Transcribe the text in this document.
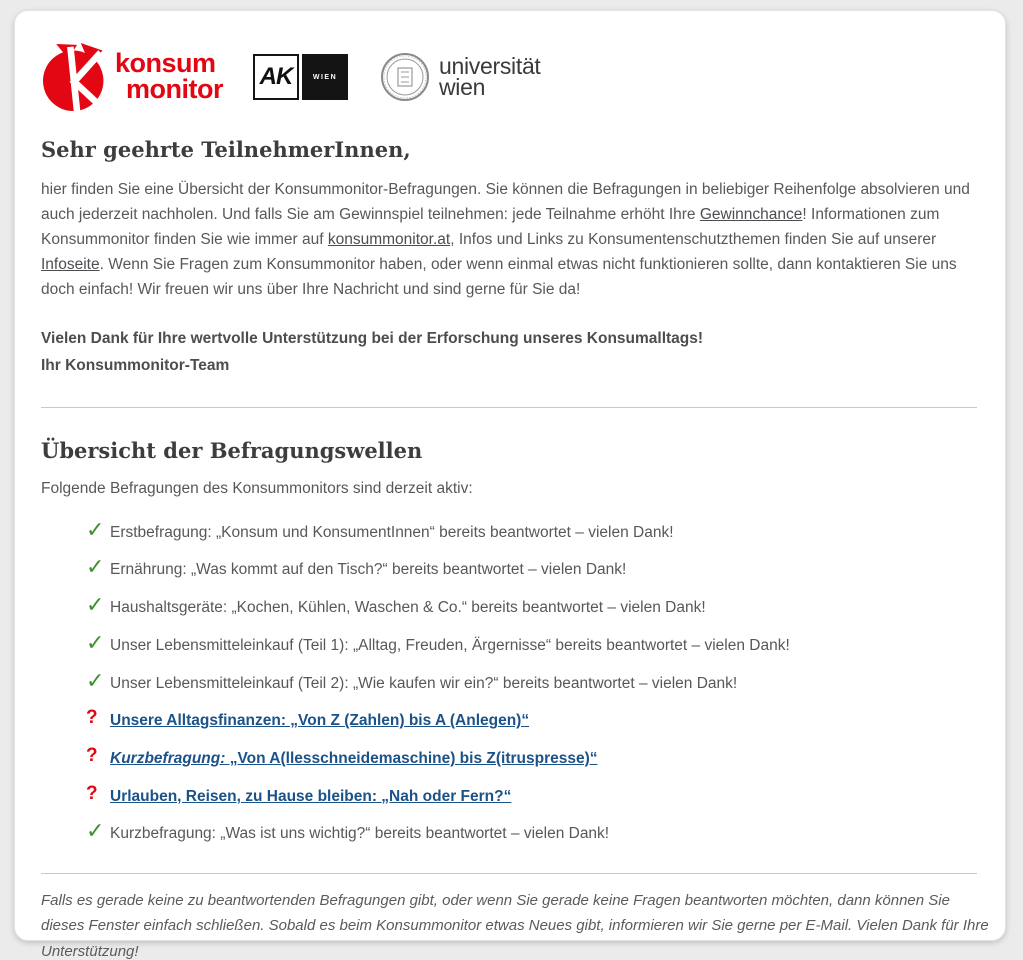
konsum
monitor AK	WIEN	universität
wien
Sehr geehrte TeilnehmerInnen,

hier finden Sie eine Übersicht der Konsummonitor-Befragungen. Sie können die Befragungen in beliebiger Reihenfolge absolvieren und auch jederzeit nachholen. Und falls Sie am Gewinnspiel teilnehmen: jede Teilnahme erhöht Ihre Gewinnchance! Informationen zum Konsummonitor finden Sie wie immer auf konsummonitor.at, Infos und Links zu Konsumentenschutzthemen finden Sie auf unserer Infoseite. Wenn Sie Fragen zum Konsummonitor haben, oder wenn einmal etwas nicht funktionieren sollte, dann kontaktieren Sie uns doch einfach! Wir freuen wir uns über Ihre Nachricht und sind gerne für Sie da!

Vielen Dank für Ihre wertvolle Unterstützung bei der Erforschung unseres Konsumalltags!
Ihr Konsummonitor-Team
Übersicht der Befragungswellen

Folgende Befragungen des Konsummonitors sind derzeit aktiv:

✓ Erstbefragung: „Konsum und KonsumentInnen“ bereits beantwortet – vielen Dank!
✓ Ernährung: „Was kommt auf den Tisch?“ bereits beantwortet – vielen Dank!
✓ Haushaltsgeräte: „Kochen, Kühlen, Waschen & Co.“ bereits beantwortet – vielen Dank!
✓ Unser Lebensmitteleinkauf (Teil 1): „Alltag, Freuden, Ärgernisse“ bereits beantwortet – vielen Dank!
✓ Unser Lebensmitteleinkauf (Teil 2): „Wie kaufen wir ein?“ bereits beantwortet – vielen Dank!
? Unsere Alltagsfinanzen: „Von Z (Zahlen) bis A (Anlegen)“
? Kurzbefragung: „Von A(llesschneidemaschine) bis Z(itruspresse)“
? Urlauben, Reisen, zu Hause bleiben: „Nah oder Fern?“
✓ Kurzbefragung: „Was ist uns wichtig?“ bereits beantwortet – vielen Dank!

Falls es gerade keine zu beantwortenden Befragungen gibt, oder wenn Sie gerade keine Fragen beantworten möchten, dann können Sie dieses Fenster einfach schließen. Sobald es beim Konsummonitor etwas Neues gibt, informieren wir Sie gerne per E-Mail. Vielen Dank für Ihre Unterstützung!
